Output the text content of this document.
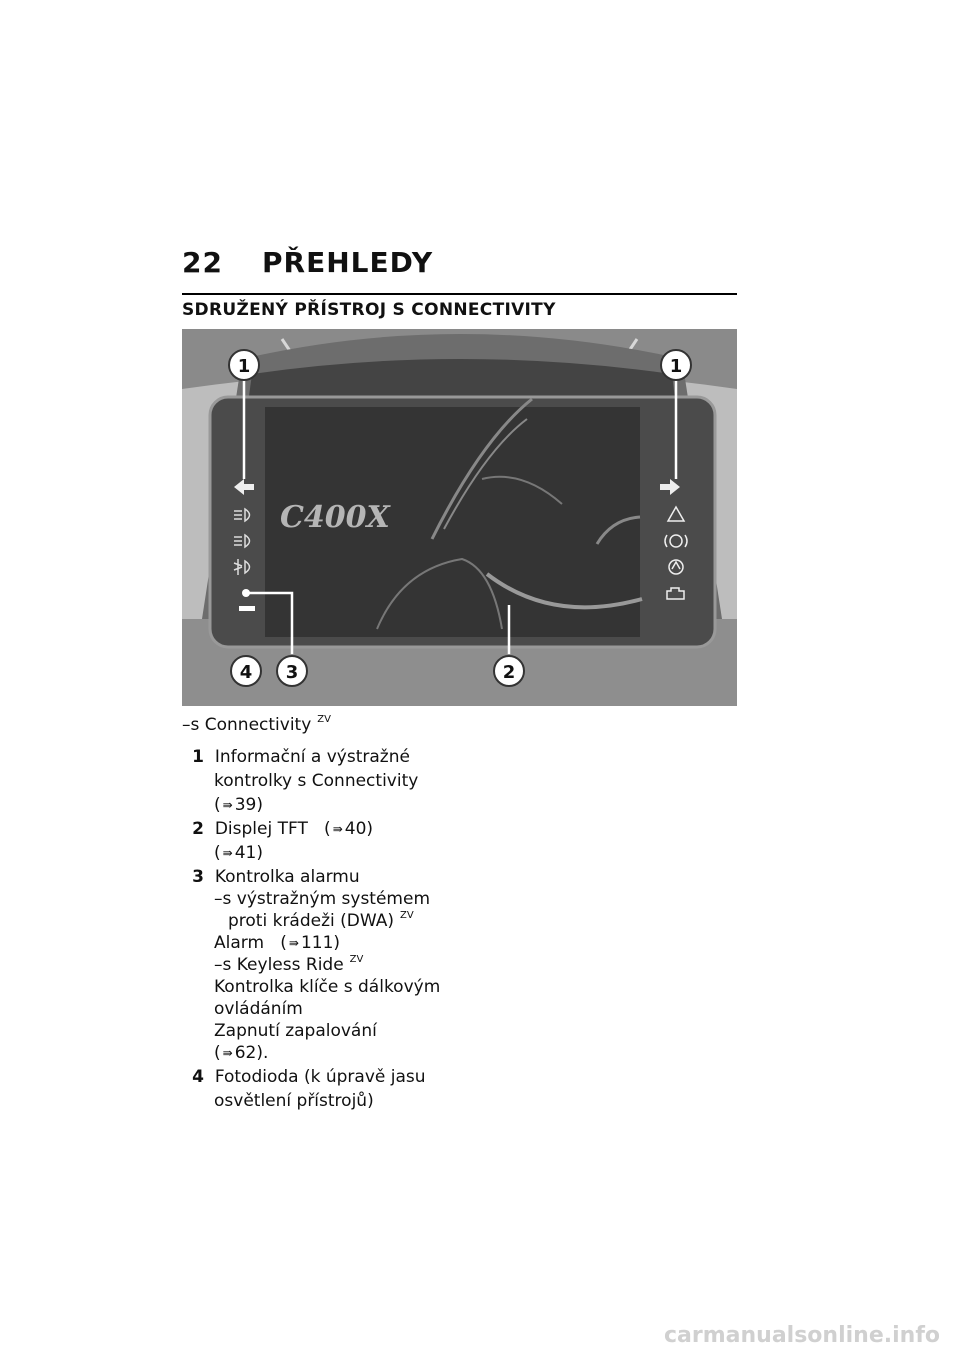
22 PŘEHLEDY
SDRUŽENÝ PŘÍSTROJ S CONNECTIVITY
C400X
1	1
2
3
4
–s Connectivity $^{ZV}$
1 Informační a výstražné
kontrolky s Connectivity
( ⇛ 39)
2 Displej TFT   ( ⇛ 40)
( ⇛ 41)
3 Kontrolka alarmu
–s výstražným systémem
proti krádeži (DWA) $^{ZV}$
Alarm   ( ⇛ 111)
–s Keyless Ride $^{ZV}$
Kontrolka klíče s dálkovým
ovládáním
Zapnutí zapalování
( ⇛ 62).
4 Fotodioda (k úpravě jasu
osvětlení přístrojů)
carmanualsonline.info
